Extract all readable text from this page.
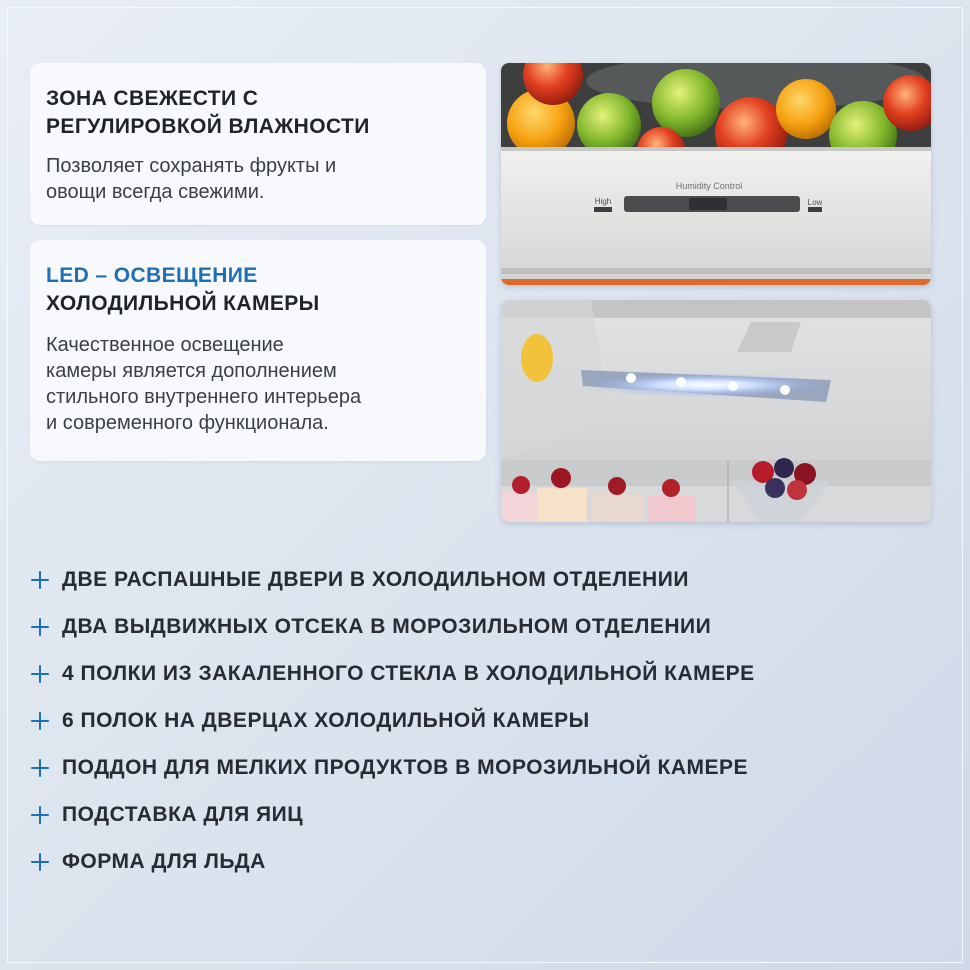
ЗОНА СВЕЖЕСТИ С
РЕГУЛИРОВКОЙ ВЛАЖНОСТИ
Позволяет сохранять фрукты и
овощи всегда свежими.
LED – ОСВЕЩЕНИЕ
ХОЛОДИЛЬНОЙ КАМЕРЫ
Качественное освещение
камеры является дополнением
стильного внутреннего интерьера
и современного функционала.
Humidity Control
High	Low
ДВЕ РАСПАШНЫЕ ДВЕРИ В ХОЛОДИЛЬНОМ ОТДЕЛЕНИИ
ДВА ВЫДВИЖНЫХ ОТСЕКА В МОРОЗИЛЬНОМ ОТДЕЛЕНИИ
4 ПОЛКИ ИЗ ЗАКАЛЕННОГО СТЕКЛА В ХОЛОДИЛЬНОЙ КАМЕРЕ
6 ПОЛОК НА ДВЕРЦАХ ХОЛОДИЛЬНОЙ КАМЕРЫ
ПОДДОН ДЛЯ МЕЛКИХ ПРОДУКТОВ В МОРОЗИЛЬНОЙ КАМЕРЕ
ПОДСТАВКА ДЛЯ ЯИЦ
ФОРМА ДЛЯ ЛЬДА
